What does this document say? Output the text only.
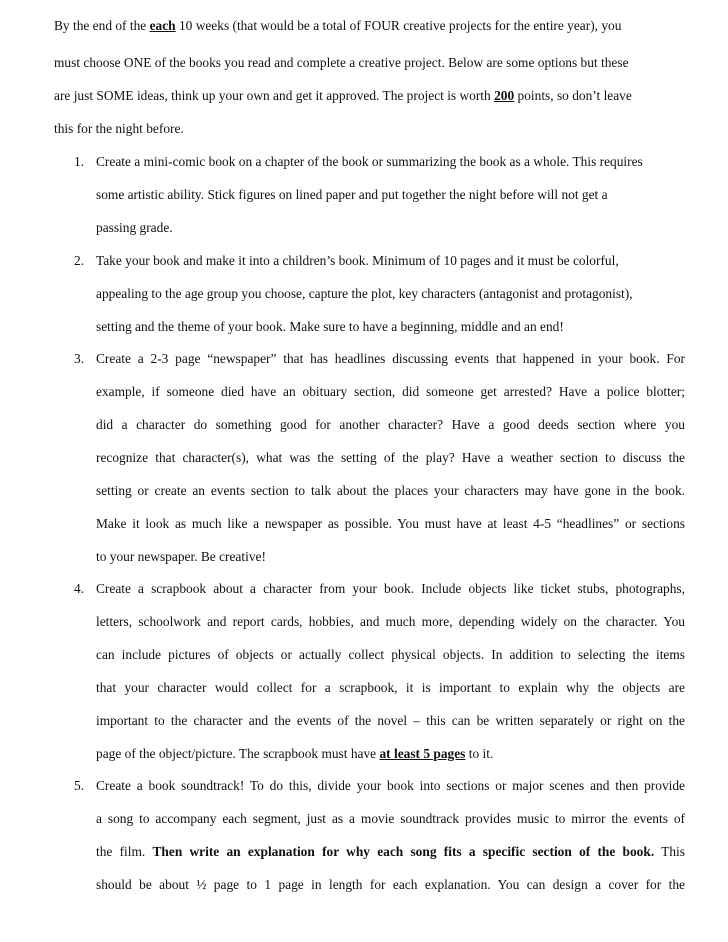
By the end of the each 10 weeks (that would be a total of FOUR creative projects for the entire year), you
must choose ONE of the books you read and complete a creative project. Below are some options but these
are just SOME ideas, think up your own and get it approved. The project is worth 200 points, so don’t leave
this for the night before.
1. Create a mini-comic book on a chapter of the book or summarizing the book as a whole. This requires
some artistic ability. Stick figures on lined paper and put together the night before will not get a
passing grade.
2. Take your book and make it into a children’s book. Minimum of 10 pages and it must be colorful,
appealing to the age group you choose, capture the plot, key characters (antagonist and protagonist),
setting and the theme of your book. Make sure to have a beginning, middle and an end!
3. Create a 2-3 page “newspaper” that has headlines discussing events that happened in your book. For
example, if someone died have an obituary section, did someone get arrested? Have a police blotter;
did a character do something good for another character? Have a good deeds section where you
recognize that character(s), what was the setting of the play? Have a weather section to discuss the
setting or create an events section to talk about the places your characters may have gone in the book.
Make it look as much like a newspaper as possible. You must have at least 4-5 “headlines” or sections
to your newspaper. Be creative!
4. Create a scrapbook about a character from your book. Include objects like ticket stubs, photographs,
letters, schoolwork and report cards, hobbies, and much more, depending widely on the character. You
can include pictures of objects or actually collect physical objects. In addition to selecting the items
that your character would collect for a scrapbook, it is important to explain why the objects are
important to the character and the events of the novel – this can be written separately or right on the
page of the object/picture. The scrapbook must have at least 5 pages to it.
5. Create a book soundtrack! To do this, divide your book into sections or major scenes and then provide
a song to accompany each segment, just as a movie soundtrack provides music to mirror the events of
the film. Then write an explanation for why each song fits a specific section of the book. This
should be about ½ page to 1 page in length for each explanation. You can design a cover for the
